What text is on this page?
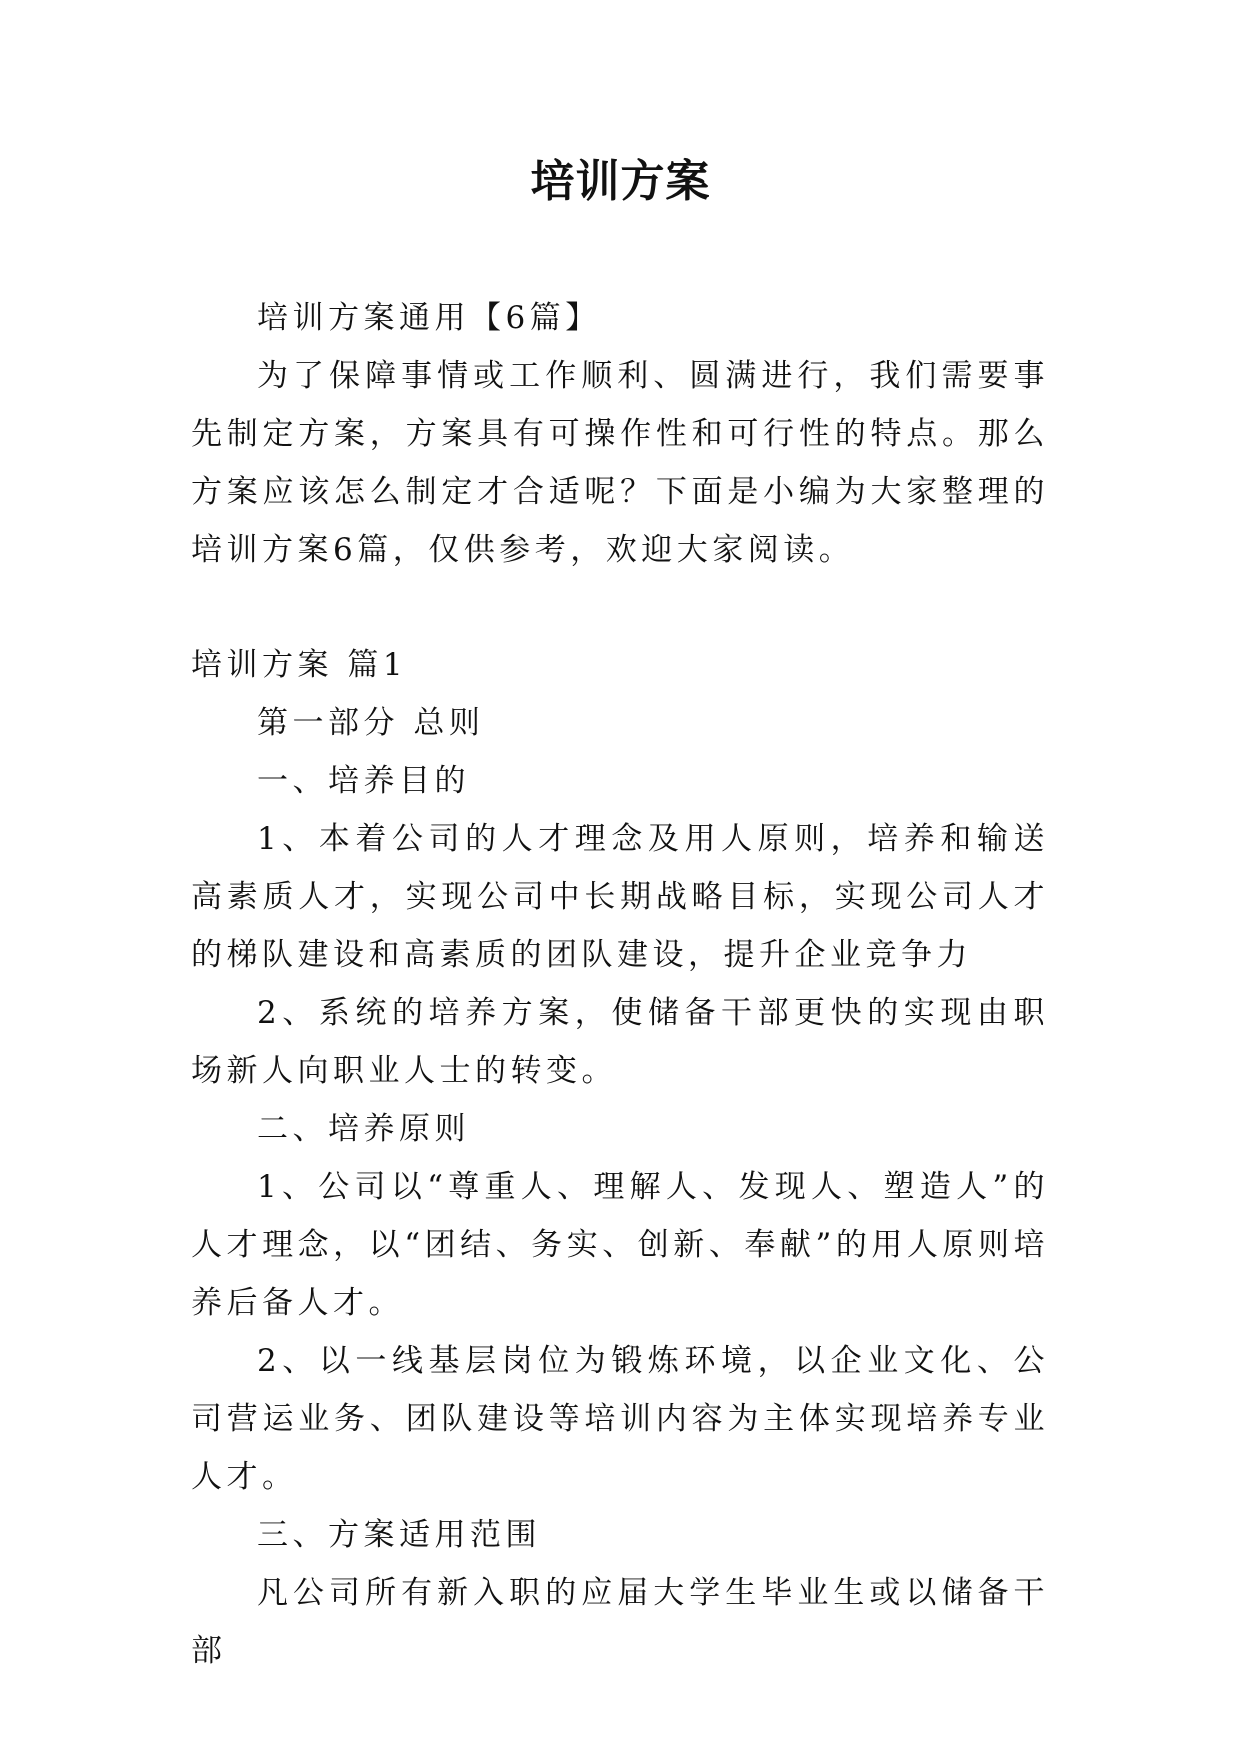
培训方案

培训方案通用【6篇】

为了保障事情或工作顺利、圆满进行，我们需要事先制定方案，方案具有可操作性和可行性的特点。那么方案应该怎么制定才合适呢？下面是小编为大家整理的培训方案6篇，仅供参考，欢迎大家阅读。

培训方案 篇1

第一部分 总则

一、培养目的

1、本着公司的人才理念及用人原则，培养和输送高素质人才，实现公司中长期战略目标，实现公司人才的梯队建设和高素质的团队建设，提升企业竞争力

2、系统的培养方案，使储备干部更快的实现由职场新人向职业人士的转变。

二、培养原则

1、公司以“尊重人、理解人、发现人、塑造人”的人才理念，以“团结、务实、创新、奉献”的用人原则培养后备人才。

2、以一线基层岗位为锻炼环境，以企业文化、公司营运业务、团队建设等培训内容为主体实现培养专业人才。

三、方案适用范围

凡公司所有新入职的应届大学生毕业生或以储备干部
